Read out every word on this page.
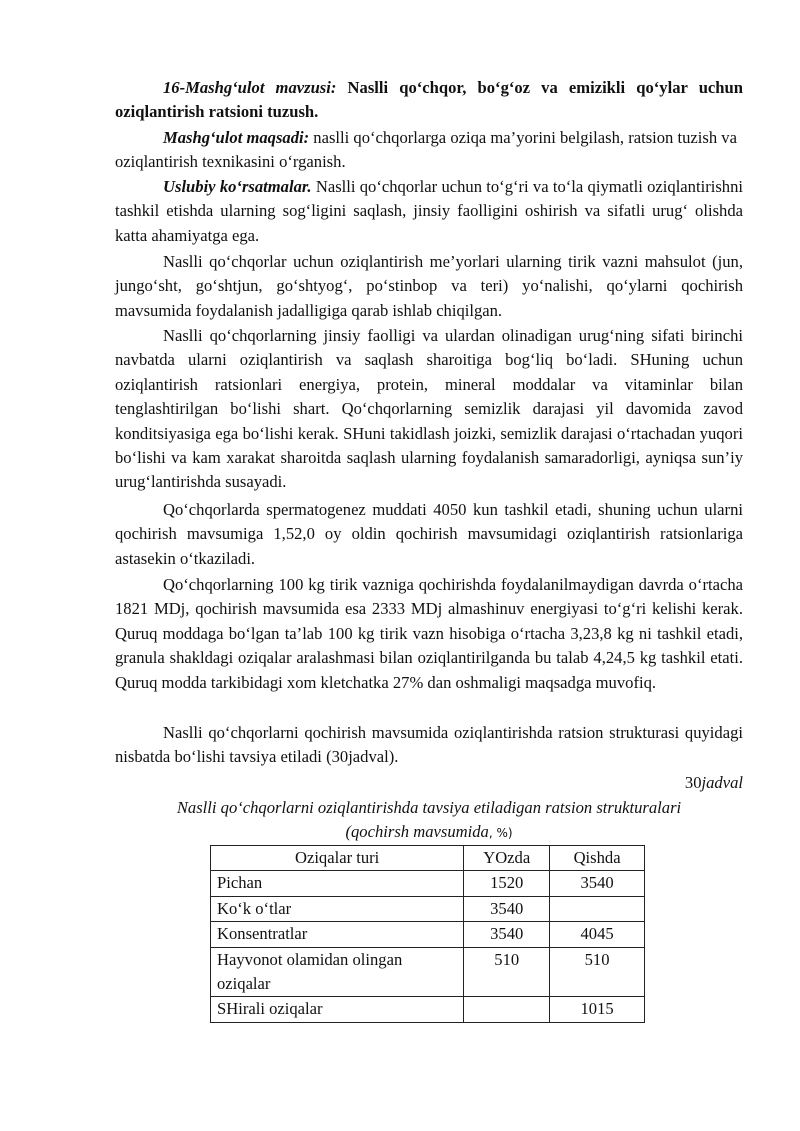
16-Mashg‘ulot mavzusi: Naslli qo‘chqor, bo‘g‘oz va emizikli qo‘ylar uchun oziqlantirish ratsioni tuzush.

Mashg‘ulot maqsadi: naslli qo‘chqorlarga oziqa ma’yorini belgilash, ratsion tuzish va oziqlantirish texnikasini o‘rganish.

Uslubiy ko‘rsatmalar. Naslli qo‘chqorlar uchun to‘g‘ri va to‘la qiymatli oziqlantirishni tashkil etishda ularning sog‘ligini saqlash, jinsiy faolligini oshirish va sifatli urug‘ olishda katta ahamiyatga ega.

Naslli qo‘chqorlar uchun oziqlantirish me’yorlari ularning tirik vazni mahsulot (jun, jungo‘sht, go‘shtjun, go‘shtyog‘, po‘stinbop va teri) yo‘nalishi, qo‘ylarni qochirish mavsumida foydalanish jadalligiga qarab ishlab chiqilgan.

Naslli qo‘chqorlarning jinsiy faolligi va ulardan olinadigan urug‘ning sifati birinchi navbatda ularni oziqlantirish va saqlash sharoitiga bog‘liq bo‘ladi. SHuning uchun oziqlantirish ratsionlari energiya, protein, mineral moddalar va vitaminlar bilan tenglashtirilgan bo‘lishi shart. Qo‘chqorlarning semizlik darajasi yil davomida zavod konditsiyasiga ega bo‘lishi kerak. SHuni takidlash joizki, semizlik darajasi o‘rtachadan yuqori bo‘lishi va kam xarakat sharoitda saqlash ularning foydalanish samaradorligi, ayniqsa sun’iy urug‘lantirishda susayadi.

Qo‘chqorlarda spermatogenez muddati 4050 kun tashkil etadi, shuning uchun ularni qochirish mavsumiga 1,52,0 oy oldin qochirish mavsumidagi oziqlantirish ratsionlariga astasekin o‘tkaziladi.

Qo‘chqorlarning 100 kg tirik vazniga qochirishda foydalanilmaydigan davrda o‘rtacha 1821 MDj, qochirish mavsumida esa 2333 MDj almashinuv energiyasi to‘g‘ri kelishi kerak. Quruq moddaga bo‘lgan ta’lab 100 kg tirik vazn hisobiga o‘rtacha 3,23,8 kg ni tashkil etadi, granula shakldagi oziqalar aralashmasi bilan oziqlantirilganda bu talab 4,24,5 kg tashkil etati. Quruq modda tarkibidagi xom kletchatka 27% dan oshmaligi maqsadga muvofiq.

Naslli qo‘chqorlarni qochirish mavsumida oziqlantirishda ratsion strukturasi quyidagi nisbatda bo‘lishi tavsiya etiladi (30jadval).

30jadval

Naslli qo‘chqorlarni oziqlantirishda tavsiya etiladigan ratsion strukturalari

(qochirsh mavsumida, %)

Oziqalar turi	YOzda	Qishda
Pichan	1520	3540
Ko‘k o‘tlar	3540	
Konsentratlar	3540	4045
Hayvonot olamidan olingan oziqalar	510	510
SHirali oziqalar		1015
